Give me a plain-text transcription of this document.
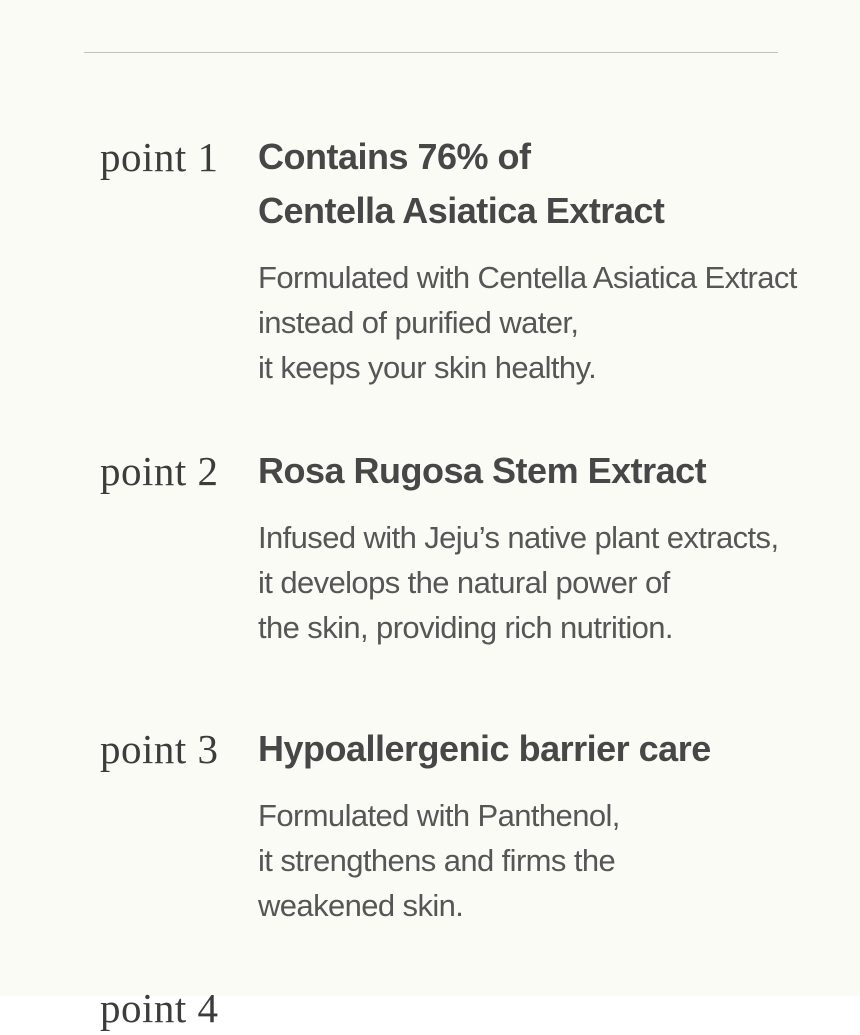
point 1	Contains 76% of
Centella Asiatica Extract
Formulated with Centella Asiatica Extract
instead of purified water,
it keeps your skin healthy.
point 2	Rosa Rugosa Stem Extract
Infused with Jeju’s native plant extracts,
it develops the natural power of
the skin, providing rich nutrition.
point 3	Hypoallergenic barrier care
Formulated with Panthenol,
it strengthens and firms the
weakened skin.
point 4
